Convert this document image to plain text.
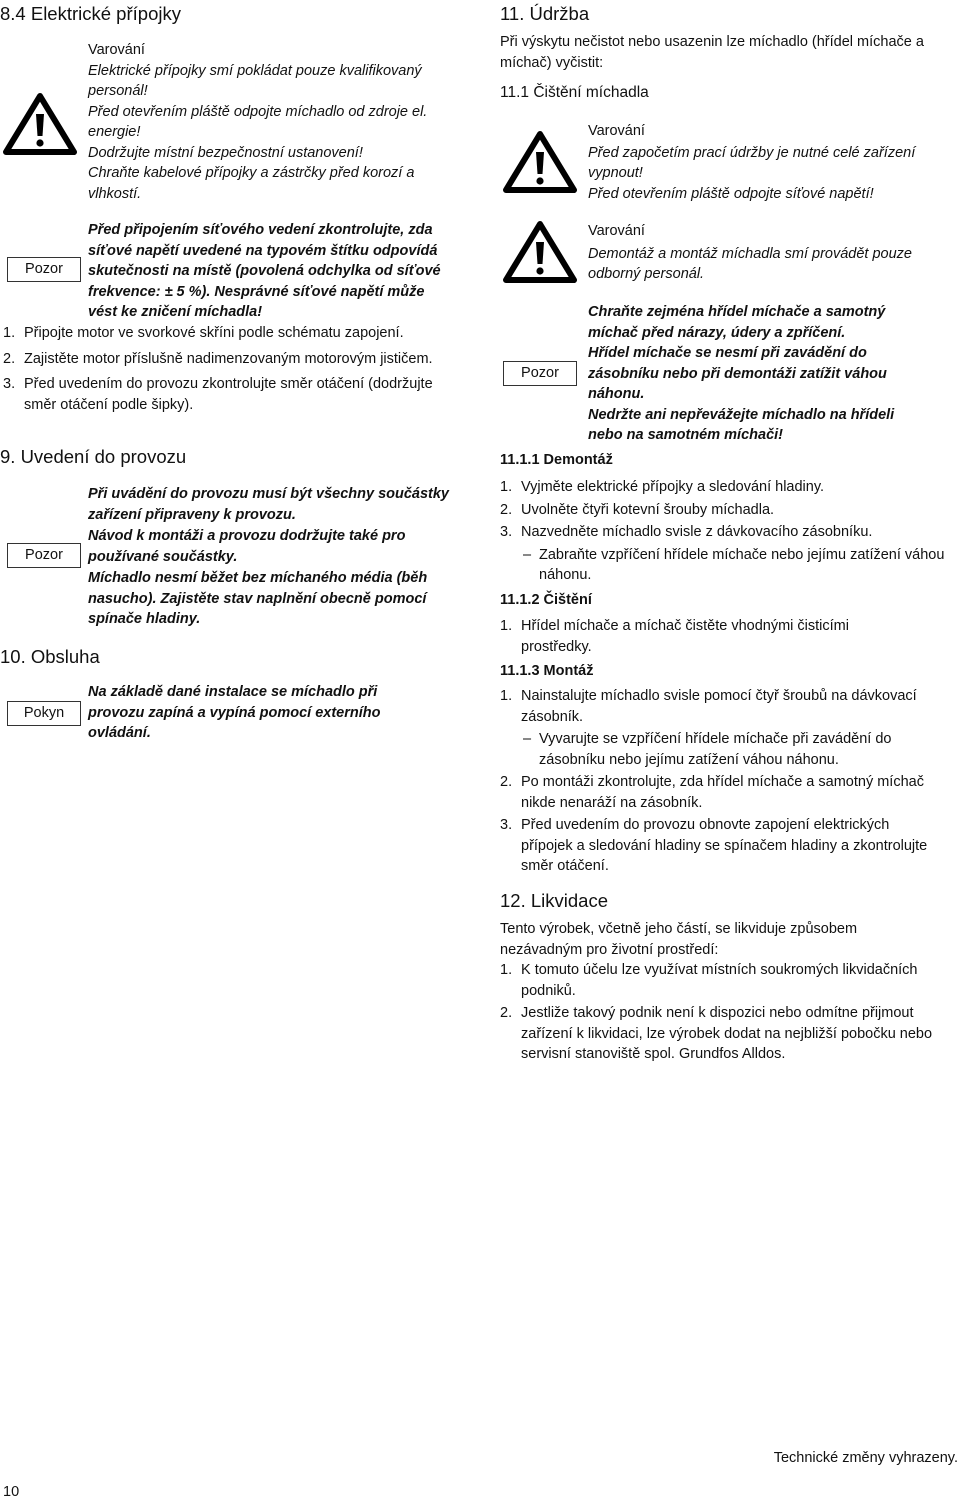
8.4 Elektrické přípojky

Varování

Elektrické přípojky smí pokládat pouze kvalifikovaný personál!

Před otevřením pláště odpojte míchadlo od zdroje el. energie!

Dodržujte místní bezpečnostní ustanovení!

Chraňte kabelové přípojky a zástrčky před korozí a vlhkostí.

Pozor

Před připojením síťového vedení zkontrolujte, zda síťové napětí uvedené na typovém štítku odpovídá skutečnosti na místě (povolená odchylka od síťové frekvence: ± 5 %). Nesprávné síťové napětí může vést ke zničení míchadla!

1. Připojte motor ve svorkové skříni podle schématu zapojení.
2. Zajistěte motor příslušně nadimenzovaným motorovým jističem.
3. Před uvedením do provozu zkontrolujte směr otáčení (dodržujte směr otáčení podle šipky).
9. Uvedení do provozu
Pozor

Při uvádění do provozu musí být všechny součástky zařízení připraveny k provozu.

Návod k montáži a provozu dodržujte také pro používané součástky.

Míchadlo nesmí běžet bez míchaného média (běh nasucho). Zajistěte stav naplnění obecně pomocí spínače hladiny.

10. Obsluha
Pokyn

Na základě dané instalace se míchadlo při provozu zapíná a vypíná pomocí externího ovládání.

11. Údržba

Při výskytu nečistot nebo usazenin lze míchadlo (hřídel míchače a míchač) vyčistit:

11.1 Čištění míchadla

Varování

Před započetím prací údržby je nutné celé zařízení vypnout!

Před otevřením pláště odpojte síťové napětí!

Varování

Demontáž a montáž míchadla smí provádět pouze odborný personál.

Pozor

Chraňte zejména hřídel míchače a samotný míchač před nárazy, údery a zpříčení.

Hřídel míchače se nesmí při zavádění do zásobníku nebo při demontáži zatížit váhou náhonu.

Nedržte ani nepřevážejte míchadlo na hřídeli nebo na samotném míchači!

11.1.1 Demontáž
1. Vyjměte elektrické přípojky a sledování hladiny.
2. Uvolněte čtyři kotevní šrouby míchadla.
3. Nazvedněte míchadlo svisle z dávkovacího zásobníku.
– Zabraňte vzpříčení hřídele míchače nebo jejímu zatížení váhou náhonu.
11.1.2 Čištění
1. Hřídel míchače a míchač čistěte vhodnými čisticími prostředky.
11.1.3 Montáž
1. Nainstalujte míchadlo svisle pomocí čtyř šroubů na dávkovací zásobník.
– Vyvarujte se vzpříčení hřídele míchače při zavádění do zásobníku nebo jejímu zatížení váhou náhonu.
2. Po montáži zkontrolujte, zda hřídel míchače a samotný míchač nikde nenaráží na zásobník.
3. Před uvedením do provozu obnovte zapojení elektrických přípojek a sledování hladiny se spínačem hladiny a zkontrolujte směr otáčení.
12. Likvidace

Tento výrobek, včetně jeho částí, se likviduje způsobem nezávadným pro životní prostředí:

1. K tomuto účelu lze využívat místních soukromých likvidačních podniků.
2. Jestliže takový podnik není k dispozici nebo odmítne přijmout zařízení k likvidaci, lze výrobek dodat na nejbližší pobočku nebo servisní stanoviště spol. Grundfos Alldos.
Technické změny vyhrazeny.
10
